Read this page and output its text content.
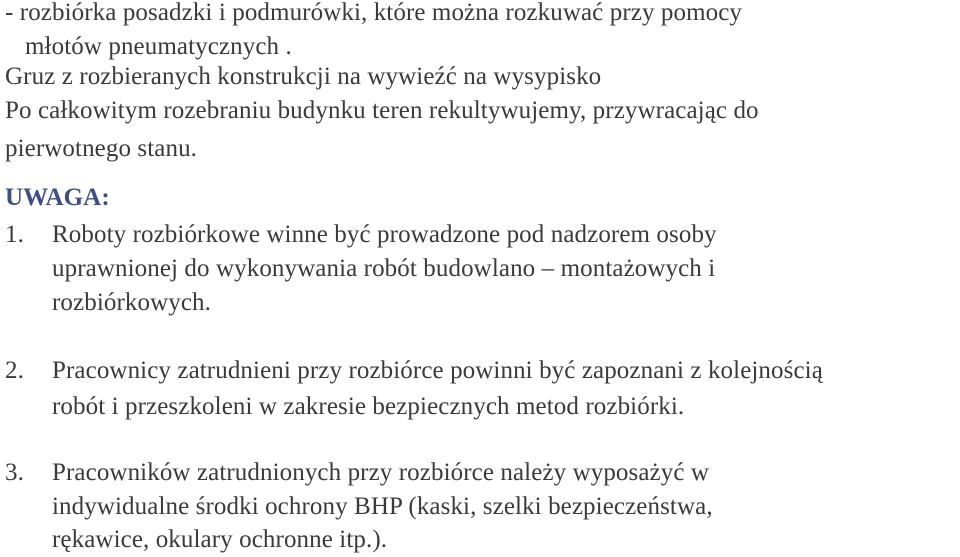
- rozbiórka posadzki i podmurówki, które można rozkuwać przy pomocy
młotów pneumatycznych .
Gruz z rozbieranych konstrukcji na wywieźć na wysypisko
Po całkowitym rozebraniu budynku teren rekultywujemy, przywracając do
pierwotnego stanu.
UWAGA:
1. Roboty rozbiórkowe winne być prowadzone pod nadzorem osoby
uprawnionej do wykonywania robót budowlano – montażowych i
rozbiórkowych.
2. Pracownicy zatrudnieni przy rozbiórce powinni być zapoznani z kolejnością
robót i przeszkoleni w zakresie bezpiecznych metod rozbiórki.
3. Pracowników zatrudnionych przy rozbiórce należy wyposażyć w
indywidualne środki ochrony BHP (kaski, szelki bezpieczeństwa,
rękawice, okulary ochronne itp.).
